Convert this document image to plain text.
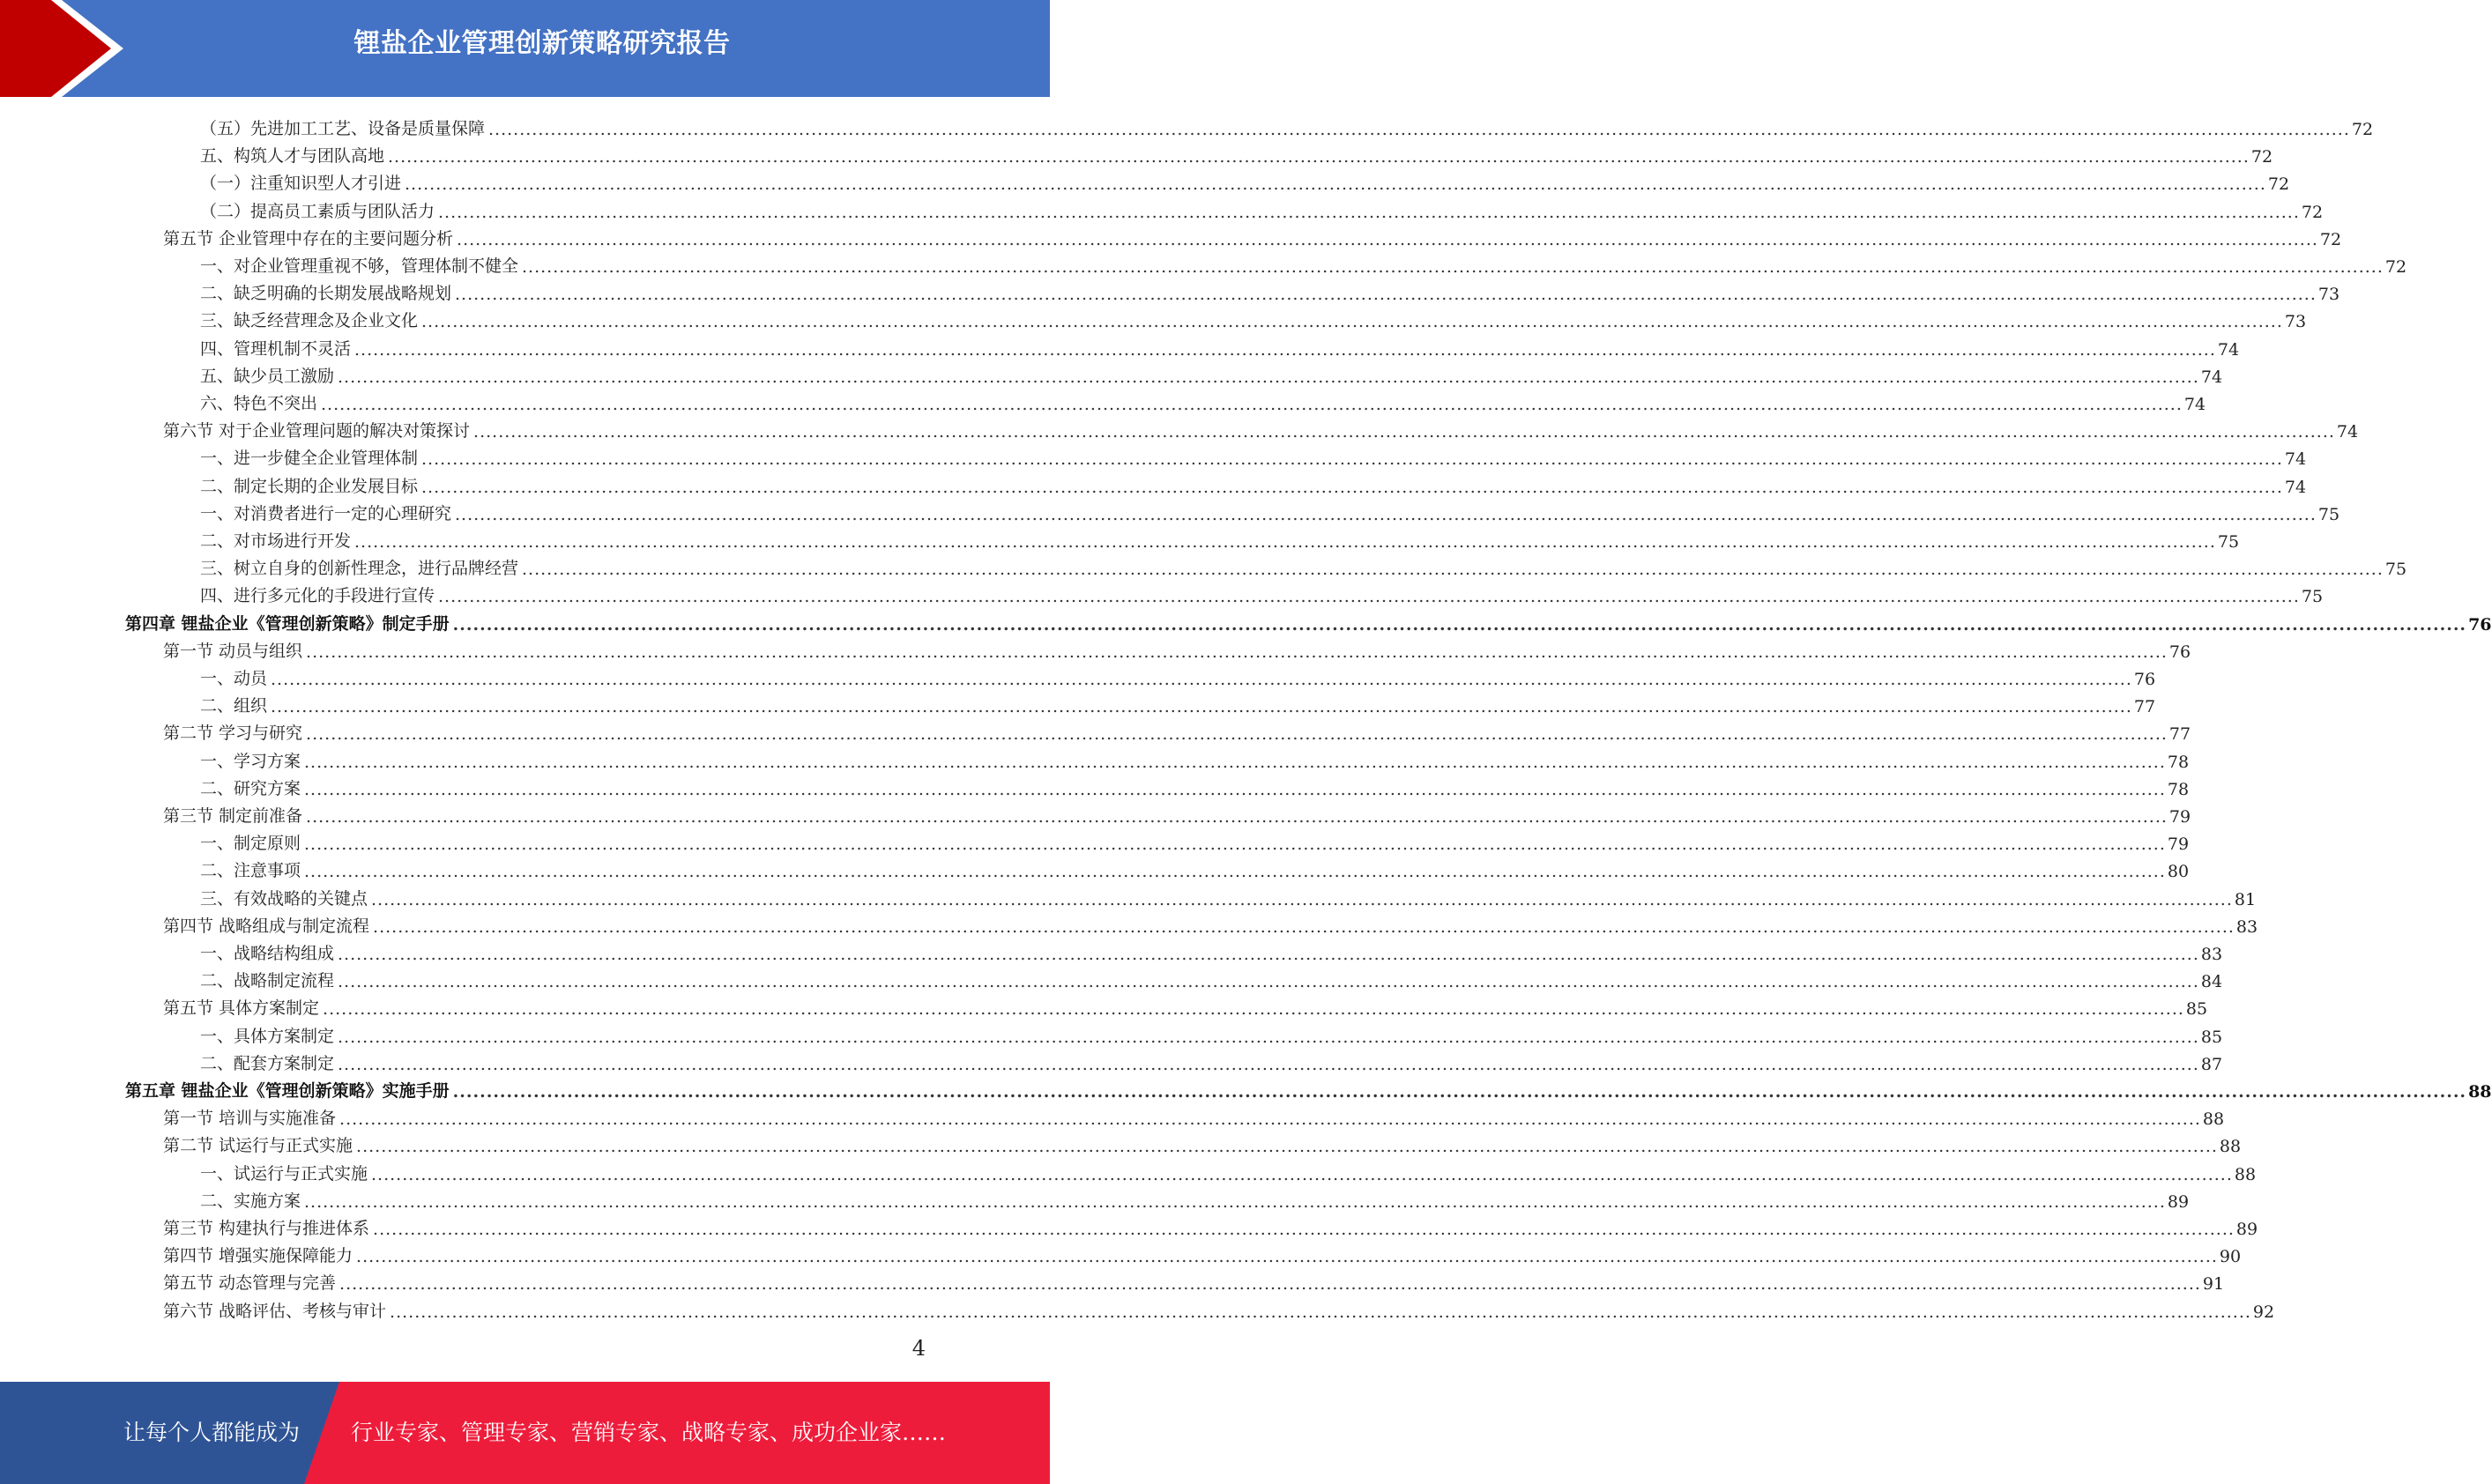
锂盐企业管理创新策略研究报告
（五）先进加工工艺、设备是质量保障 ............................................................................................................................................................................................................................................................................................................ 72
五、构筑人才与团队高地 ............................................................................................................................................................................................................................................................................................................ 72
（一）注重知识型人才引进 ............................................................................................................................................................................................................................................................................................................ 72
（二）提高员工素质与团队活力 ............................................................................................................................................................................................................................................................................................................ 72
第五节 企业管理中存在的主要问题分析 ............................................................................................................................................................................................................................................................................................................ 72
一、对企业管理重视不够，管理体制不健全 ............................................................................................................................................................................................................................................................................................................ 72
二、缺乏明确的长期发展战略规划 ............................................................................................................................................................................................................................................................................................................ 73
三、缺乏经营理念及企业文化 ............................................................................................................................................................................................................................................................................................................ 73
四、管理机制不灵活 ............................................................................................................................................................................................................................................................................................................ 74
五、缺少员工激励 ............................................................................................................................................................................................................................................................................................................ 74
六、特色不突出 ............................................................................................................................................................................................................................................................................................................ 74
第六节 对于企业管理问题的解决对策探讨 ............................................................................................................................................................................................................................................................................................................ 74
一、进一步健全企业管理体制 ............................................................................................................................................................................................................................................................................................................ 74
二、制定长期的企业发展目标 ............................................................................................................................................................................................................................................................................................................ 74
一、对消费者进行一定的心理研究 ............................................................................................................................................................................................................................................................................................................ 75
二、对市场进行开发 ............................................................................................................................................................................................................................................................................................................ 75
三、树立自身的创新性理念，进行品牌经营 ............................................................................................................................................................................................................................................................................................................ 75
四、进行多元化的手段进行宣传 ............................................................................................................................................................................................................................................................................................................ 75
第四章 锂盐企业《管理创新策略》制定手册 ............................................................................................................................................................................................................................................................................................................ 76
第一节 动员与组织 ............................................................................................................................................................................................................................................................................................................ 76
一、动员 ............................................................................................................................................................................................................................................................................................................ 76
二、组织 ............................................................................................................................................................................................................................................................................................................ 77
第二节 学习与研究 ............................................................................................................................................................................................................................................................................................................ 77
一、学习方案 ............................................................................................................................................................................................................................................................................................................ 78
二、研究方案 ............................................................................................................................................................................................................................................................................................................ 78
第三节 制定前准备 ............................................................................................................................................................................................................................................................................................................ 79
一、制定原则 ............................................................................................................................................................................................................................................................................................................ 79
二、注意事项 ............................................................................................................................................................................................................................................................................................................ 80
三、有效战略的关键点 ............................................................................................................................................................................................................................................................................................................ 81
第四节 战略组成与制定流程 ............................................................................................................................................................................................................................................................................................................ 83
一、战略结构组成 ............................................................................................................................................................................................................................................................................................................ 83
二、战略制定流程 ............................................................................................................................................................................................................................................................................................................ 84
第五节 具体方案制定 ............................................................................................................................................................................................................................................................................................................ 85
一、具体方案制定 ............................................................................................................................................................................................................................................................................................................ 85
二、配套方案制定 ............................................................................................................................................................................................................................................................................................................ 87
第五章 锂盐企业《管理创新策略》实施手册 ............................................................................................................................................................................................................................................................................................................ 88
第一节 培训与实施准备 ............................................................................................................................................................................................................................................................................................................ 88
第二节 试运行与正式实施 ............................................................................................................................................................................................................................................................................................................ 88
一、试运行与正式实施 ............................................................................................................................................................................................................................................................................................................ 88
二、实施方案 ............................................................................................................................................................................................................................................................................................................ 89
第三节 构建执行与推进体系 ............................................................................................................................................................................................................................................................................................................ 89
第四节 增强实施保障能力 ............................................................................................................................................................................................................................................................................................................ 90
第五节 动态管理与完善 ............................................................................................................................................................................................................................................................................................................ 91
第六节 战略评估、考核与审计 ............................................................................................................................................................................................................................................................................................................ 92
4
让每个人都能成为 行业专家、管理专家、营销专家、战略专家、成功企业家……
